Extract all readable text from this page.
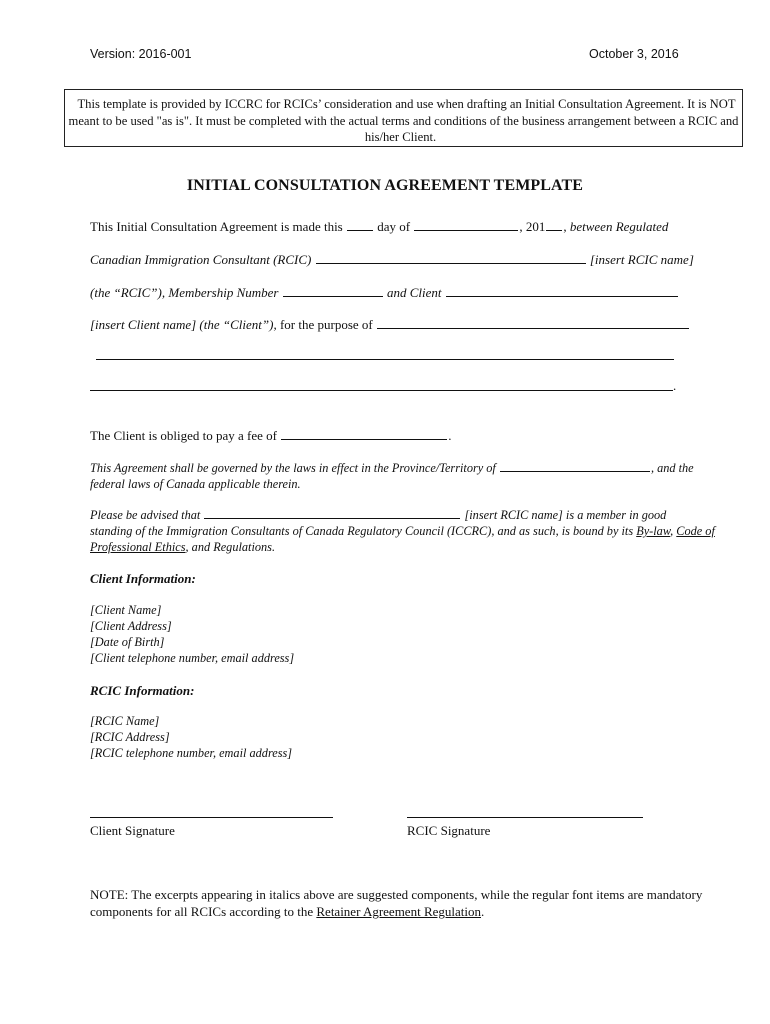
Version: 2016-001	October 3, 2016
This template is provided by ICCRC for RCICs’ consideration and use when drafting an Initial Consultation Agreement. It is NOT meant to be used "as is". It must be completed with the actual terms and conditions of the business arrangement between a RCIC and his/her Client.
INITIAL CONSULTATION AGREEMENT TEMPLATE
This Initial Consultation Agreement is made this	day of	, 201 , between Regulated
Canadian Immigration Consultant (RCIC)	[insert RCIC name]
(the “RCIC”), Membership Number	and Client
[insert Client name] (the “Client”), for the purpose of
.
The Client is obliged to pay a fee of	.
This Agreement shall be governed by the laws in effect in the Province/Territory of	, and the
federal laws of Canada applicable therein.
Please be advised that	[insert RCIC name] is a member in good
standing of the Immigration Consultants of Canada Regulatory Council (ICCRC), and as such, is bound by its By-law, Code of
Professional Ethics, and Regulations.
Client Information:
[Client Name]
[Client Address]
[Date of Birth]
[Client telephone number, email address]
RCIC Information:
[RCIC Name]
[RCIC Address]
[RCIC telephone number, email address]
Client Signature	RCIC Signature
NOTE: The excerpts appearing in italics above are suggested components, while the regular font items are mandatory components for all RCICs according to the Retainer Agreement Regulation.
